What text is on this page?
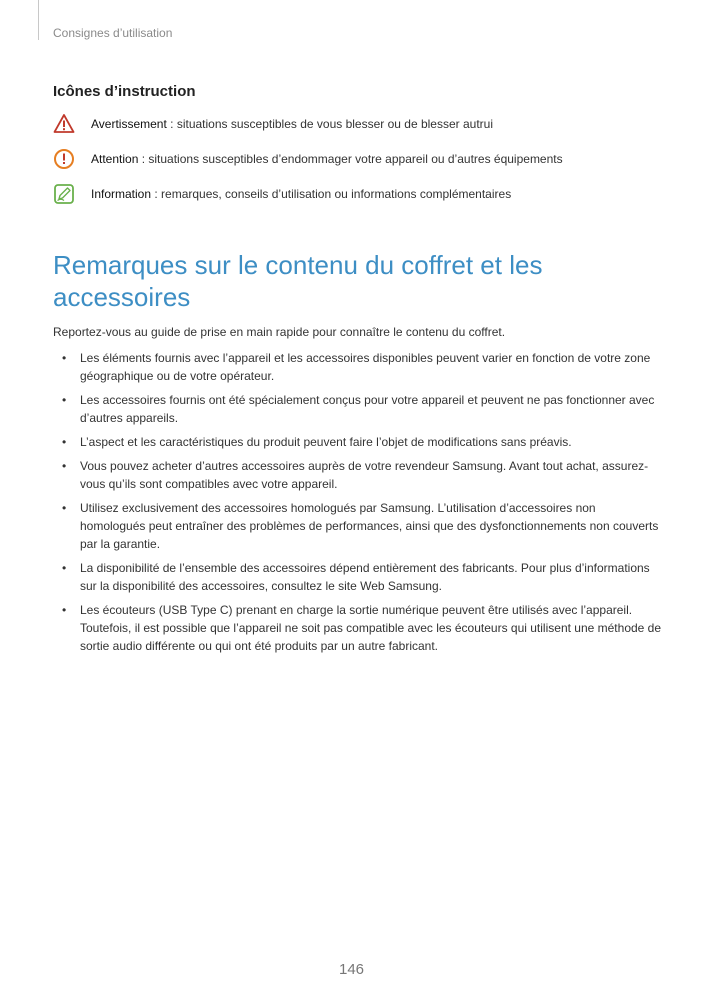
Consignes d’utilisation
Icônes d’instruction
Avertissement : situations susceptibles de vous blesser ou de blesser autrui
Attention : situations susceptibles d’endommager votre appareil ou d’autres équipements
Information : remarques, conseils d’utilisation ou informations complémentaires
Remarques sur le contenu du coffret et les accessoires
Reportez-vous au guide de prise en main rapide pour connaître le contenu du coffret.
• Les éléments fournis avec l’appareil et les accessoires disponibles peuvent varier en fonction de votre zone géographique ou de votre opérateur.
• Les accessoires fournis ont été spécialement conçus pour votre appareil et peuvent ne pas fonctionner avec d’autres appareils.
• L’aspect et les caractéristiques du produit peuvent faire l’objet de modifications sans préavis.
• Vous pouvez acheter d’autres accessoires auprès de votre revendeur Samsung. Avant tout achat, assurez-vous qu’ils sont compatibles avec votre appareil.
• Utilisez exclusivement des accessoires homologués par Samsung. L’utilisation d’accessoires non homologués peut entraîner des problèmes de performances, ainsi que des dysfonctionnements non couverts par la garantie.
• La disponibilité de l’ensemble des accessoires dépend entièrement des fabricants. Pour plus d’informations sur la disponibilité des accessoires, consultez le site Web Samsung.
• Les écouteurs (USB Type C) prenant en charge la sortie numérique peuvent être utilisés avec l’appareil. Toutefois, il est possible que l’appareil ne soit pas compatible avec les écouteurs qui utilisent une méthode de sortie audio différente ou qui ont été produits par un autre fabricant.
146
